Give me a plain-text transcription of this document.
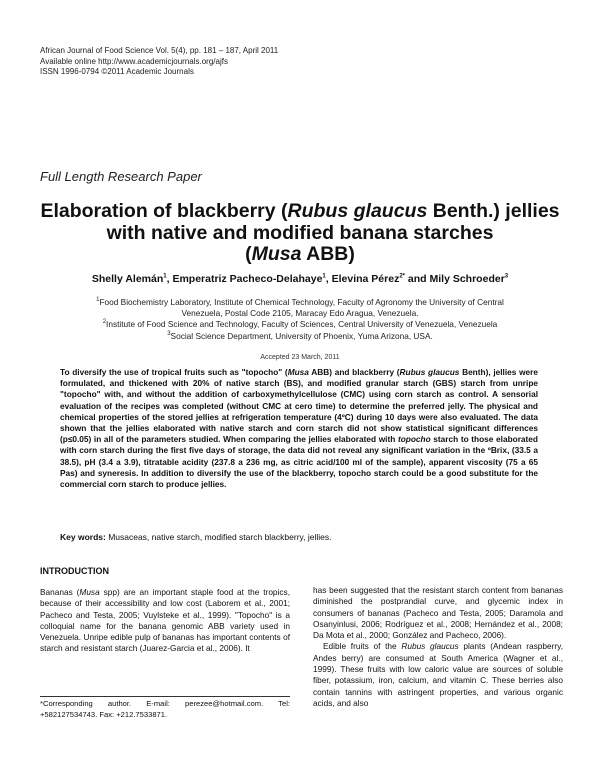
African Journal of Food Science Vol. 5(4), pp. 181 – 187, April 2011
Available online http://www.academicjournals.org/ajfs
ISSN 1996-0794 ©2011 Academic Journals
Full Length Research Paper
Elaboration of blackberry (Rubus glaucus Benth.) jellies
with native and modified banana starches
(Musa ABB)
Shelly Alemán$^1$, Emperatriz Pacheco-Delahaye$^1$, Elevina Pérez$^{2*}$ and Mily Schroeder$^3$
$^1$Food Biochemistry Laboratory, Institute of Chemical Technology, Faculty of Agronomy the University of Central
Venezuela, Postal Code 2105, Maracay Edo Aragua, Venezuela.
$^2$Institute of Food Science and Technology, Faculty of Sciences, Central University of Venezuela, Venezuela
$^3$Social Science Department, University of Phoenix, Yuma Arizona, USA.
Accepted 23 March, 2011
To diversify the use of tropical fruits such as "topocho" (Musa ABB) and blackberry (Rubus glaucus Benth), jellies were formulated, and thickened with 20% of native starch (BS), and modified granular starch (GBS) starch from unripe "topocho" with, and without the addition of carboxymethylcellulose (CMC) using corn starch as control. A sensorial evaluation of the recipes was completed (without CMC at cero time) to determine the preferred jelly. The physical and chemical properties of the stored jellies at refrigeration temperature (4ºC) during 10 days were also evaluated. The data shown that the jellies elaborated with native starch and corn starch did not show statistical significant differences (p≤0.05) in all of the parameters studied. When comparing the jellies elaborated with topocho starch to those elaborated with corn starch during the first five days of storage, the data did not reveal any significant variation in the ºBrix, (33.5 a 38.5), pH (3.4 a 3.9), titratable acidity (237.8 a 236 mg, as citric acid/100 ml of the sample), apparent viscosity (75 a 65 Pas) and syneresis. In addition to diversify the use of the blackberry, topocho starch could be a good substitute for the commercial corn starch to produce jellies.
Key words: Musaceas, native starch, modified starch blackberry, jellies.
INTRODUCTION

Bananas (Musa spp) are an important staple food at the tropics, because of their accessibility and low cost (Laborem et al., 2001; Pacheco and Testa, 2005; Vuylsteke et al., 1999). "Topocho" is a colloquial name for the banana genomic ABB variety used in Venezuela. Unripe edible pulp of bananas has important contents of starch and resistant starch (Juarez-Garcia et al., 2006). It

has been suggested that the resistant starch content from bananas diminished the postprandial curve, and glycemic index in consumers of bananas (Pacheco and Testa, 2005; Daramola and Osanyinlusi, 2006; Rodríguez et al., 2008; Hernández et al., 2008; Da Mota et al., 2000; González and Pacheco, 2006).

Edible fruits of the Rubus glaucus plants (Andean raspberry, Andes berry) are consumed at South America (Wagner et al., 1999). These fruits with low caloric value are sources of soluble fiber, potassium, iron, calcium, and vitamin C. These berries also contain tannins with astringent properties, and various organic acids, and also

*Corresponding author. E-mail: perezee@hotmail.com. Tel: +582127534743. Fax: +212.7533871.
